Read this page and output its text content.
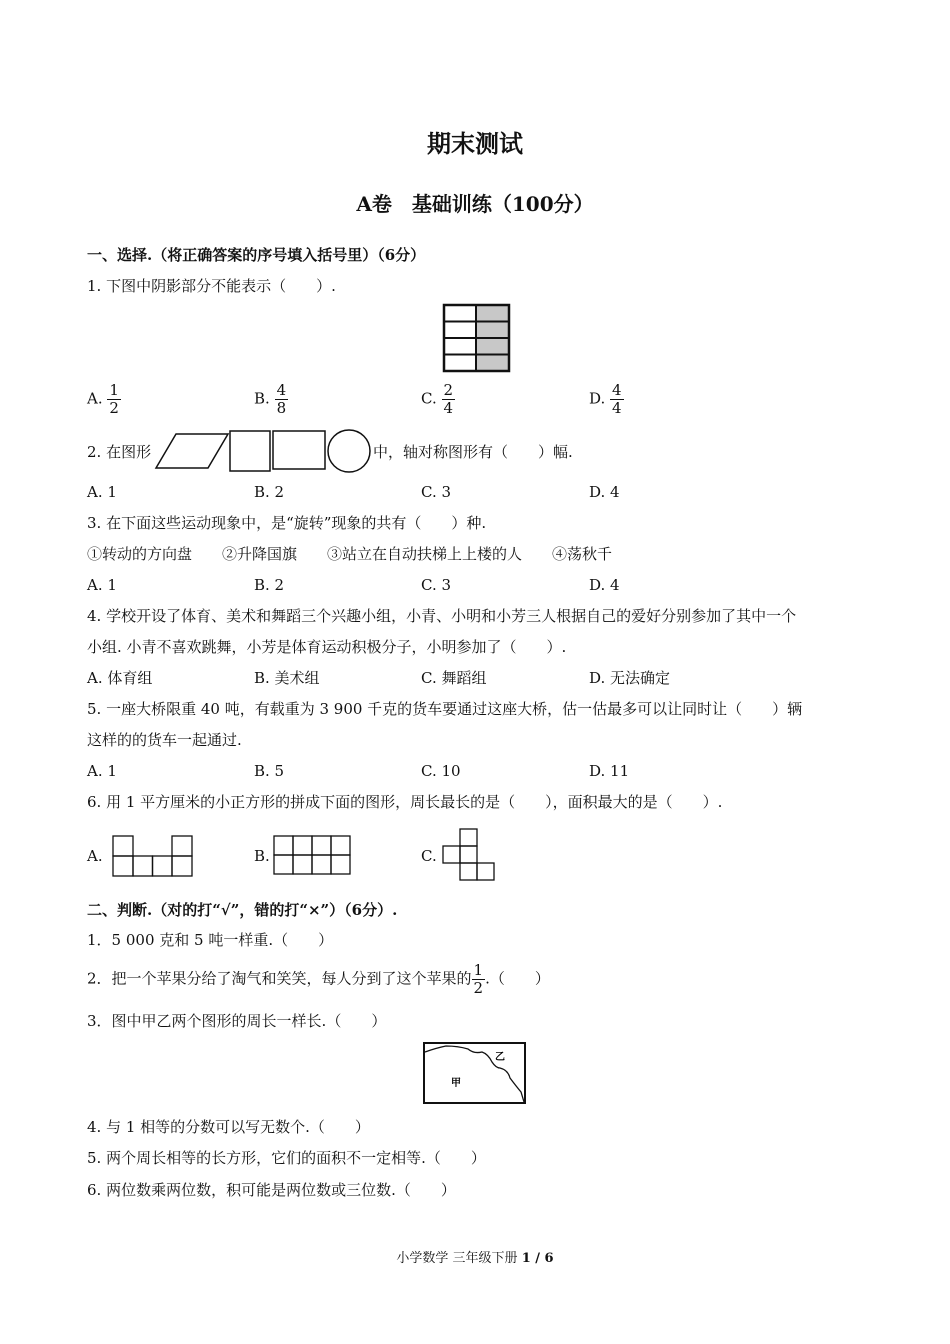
期末测试
A卷　基础训练（100分）
一、选择.（将正确答案的序号填入括号里）（6分）
1. 下图中阴影部分不能表示（　　）.
A. $\frac{1}{2}$	B. $\frac{4}{8}$	C. $\frac{2}{4}$	D. $\frac{4}{4}$
2. 在图形	中，轴对称图形有（　　）幅.
A. 1	B. 2	C. 3	D. 4
3. 在下面这些运动现象中，是“旋转”现象的共有（　　）种.
①转动的方向盘　　②升降国旗　　③站立在自动扶梯上上楼的人　　④荡秋千
A. 1	B. 2	C. 3	D. 4
4. 学校开设了体育、美术和舞蹈三个兴趣小组，小青、小明和小芳三人根据自己的爱好分别参加了其中一个
小组. 小青不喜欢跳舞，小芳是体育运动积极分子，小明参加了（　　）.
A. 体育组	B. 美术组	C. 舞蹈组	D. 无法确定
5. 一座大桥限重 40 吨，有载重为 3 900 千克的货车要通过这座大桥，估一估最多可以让同时让（　　）辆
这样的的货车一起通过.
A. 1	B. 5	C. 10	D. 11
6. 用 1 平方厘米的小正方形的拼成下面的图形，周长最长的是（　　），面积最大的是（　　）.
A.	B.	C.
二、判断.（对的打“√”，错的打“×”）（6分）.
1．5 000 克和 5 吨一样重.（　　）
2．把一个苹果分给了淘气和笑笑，每人分到了这个苹果的 $\frac{1}{2}$ .（　　）
3．图中甲乙两个图形的周长一样长.（　　）
甲
乙
4. 与 1 相等的分数可以写无数个.（　　）
5. 两个周长相等的长方形，它们的面积不一定相等.（　　）
6. 两位数乘两位数，积可能是两位数或三位数.（　　）
小学数学 三年级下册 1 / 6
